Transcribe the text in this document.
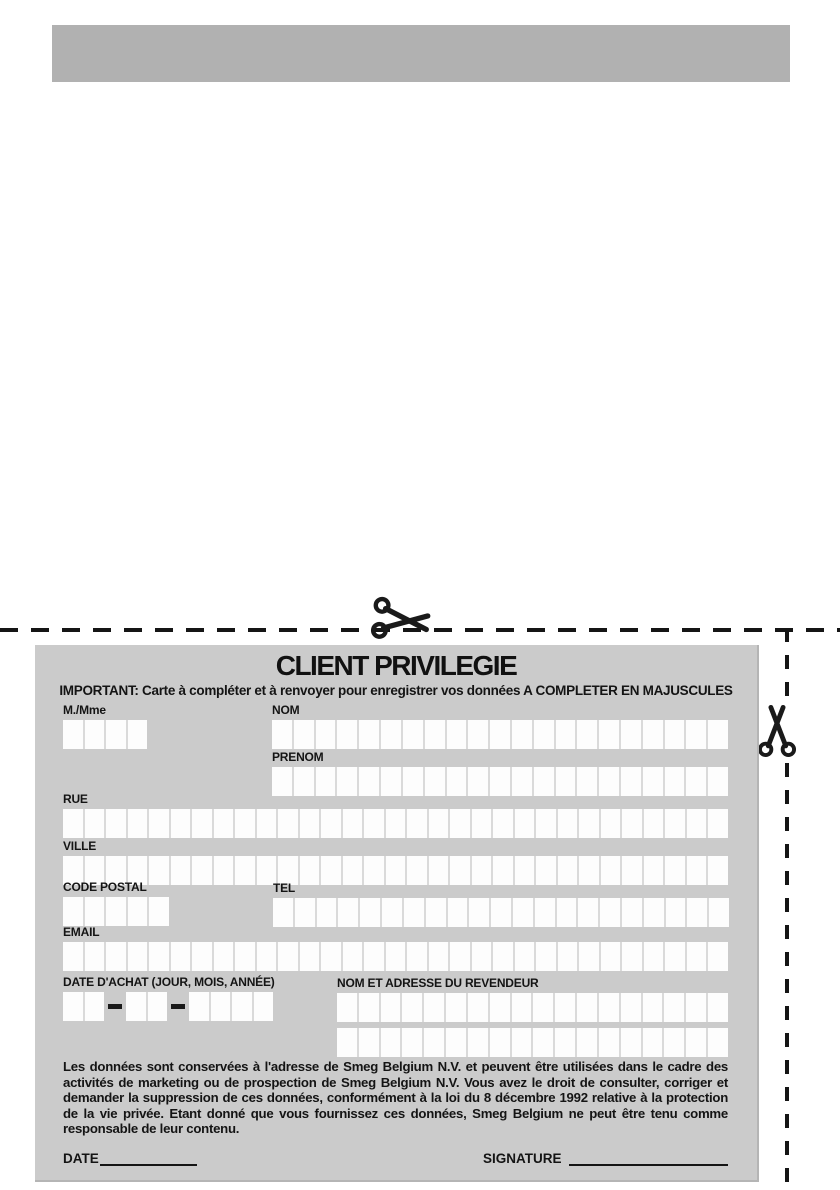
CLIENT PRIVILEGIE
IMPORTANT: Carte à compléter et à renvoyer pour enregistrer vos données A COMPLETER EN MAJUSCULES
M./Mme	NOM
PRENOM
RUE
VILLE
CODE POSTAL	TEL
EMAIL
DATE D'ACHAT (JOUR, MOIS, ANNÉE)	NOM ET ADRESSE DU REVENDEUR
Les données sont conservées à l'adresse de Smeg Belgium N.V. et peuvent être utilisées dans le cadre des activités de marketing ou de prospection de Smeg Belgium N.V. Vous avez le droit de consulter, corriger et demander la suppression de ces données, conformément à la loi du 8 décembre 1992 relative à la protection de la vie privée. Etant donné que vous fournissez ces données, Smeg Belgium ne peut être tenu comme responsable de leur contenu.
DATE	SIGNATURE
